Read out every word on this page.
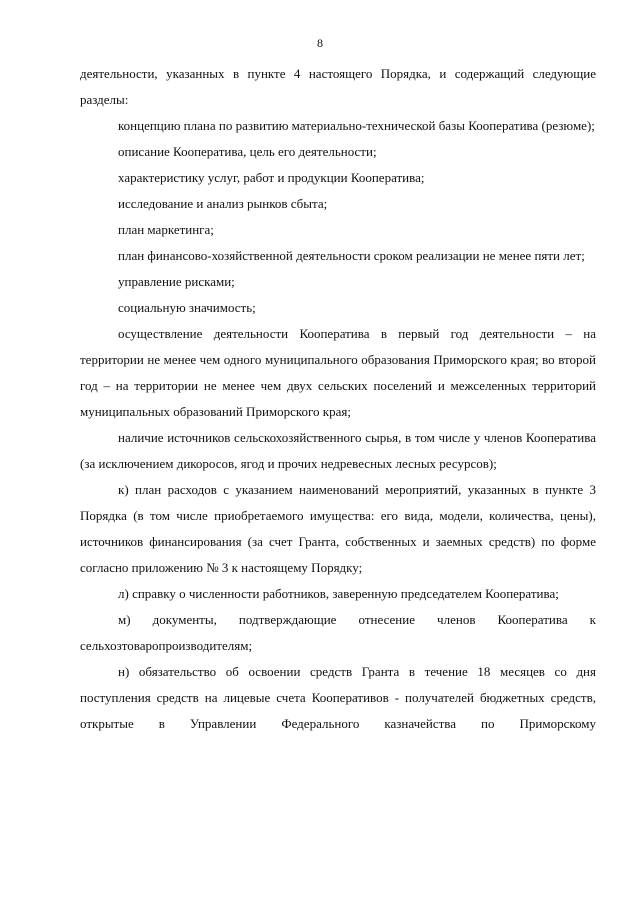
8

деятельности, указанных в пункте 4 настоящего Порядка, и содержащий следующие разделы:

концепцию плана по развитию материально-технической базы Кооператива (резюме);

описание Кооператива, цель его деятельности;

характеристику услуг, работ и продукции Кооператива;

исследование и анализ рынков сбыта;

план маркетинга;

план финансово-хозяйственной деятельности сроком реализации не менее пяти лет;

управление рисками;

социальную значимость;

осуществление деятельности Кооператива в первый год деятельности – на территории не менее чем одного муниципального образования Приморского края; во второй год – на территории не менее чем двух сельских поселений и межселенных территорий муниципальных образований Приморского края;

наличие источников сельскохозяйственного сырья, в том числе у членов Кооператива (за исключением дикоросов, ягод и прочих недревесных лесных ресурсов);

к) план расходов с указанием наименований мероприятий, указанных в пункте 3 Порядка (в том числе приобретаемого имущества: его вида, модели, количества, цены), источников финансирования (за счет Гранта, собственных и заемных средств) по форме согласно приложению № 3 к настоящему Порядку;

л) справку о численности работников, заверенную председателем Кооператива;

м) документы, подтверждающие отнесение членов Кооператива к сельхозтоваропроизводителям;

н) обязательство об освоении средств Гранта в течение 18 месяцев со дня поступления средств на лицевые счета Кооперативов - получателей бюджетных средств, открытые в Управлении Федерального казначейства по Приморскому
